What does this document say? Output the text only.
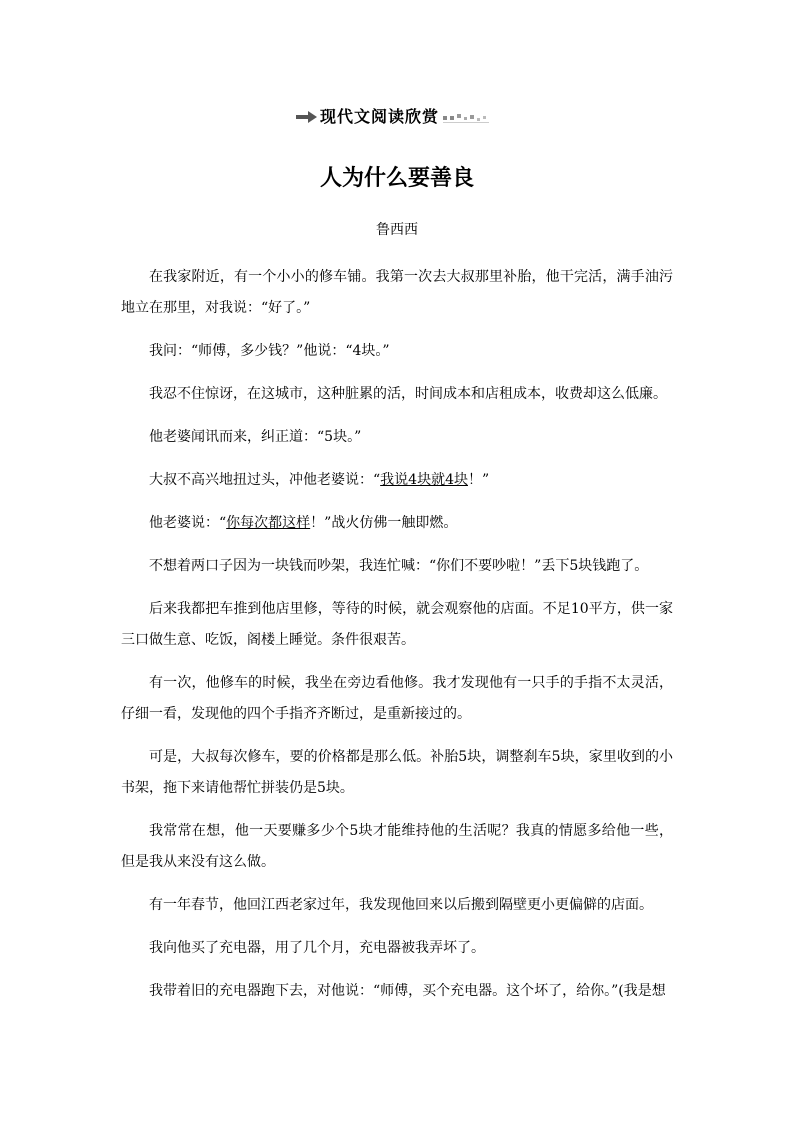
现代文阅读欣赏
人为什么要善良
鲁西西

在我家附近，有一个小小的修车铺。我第一次去大叔那里补胎，他干完活，满手油污地立在那里，对我说：“好了。”

我问：“师傅，多少钱？”他说：“4块。”

我忍不住惊讶，在这城市，这种脏累的活，时间成本和店租成本，收费却这么低廉。

他老婆闻讯而来，纠正道：“5块。”

大叔不高兴地扭过头，冲他老婆说：“我说4块就4块！”

他老婆说：“你每次都这样！”战火仿佛一触即燃。

不想着两口子因为一块钱而吵架，我连忙喊：“你们不要吵啦！”丢下5块钱跑了。

后来我都把车推到他店里修，等待的时候，就会观察他的店面。不足10平方，供一家三口做生意、吃饭，阁楼上睡觉。条件很艰苦。

有一次，他修车的时候，我坐在旁边看他修。我才发现他有一只手的手指不太灵活，仔细一看，发现他的四个手指齐齐断过，是重新接过的。

可是，大叔每次修车，要的价格都是那么低。补胎5块，调整刹车5块，家里收到的小书架，拖下来请他帮忙拼装仍是5块。

我常常在想，他一天要赚多少个5块才能维持他的生活呢？我真的情愿多给他一些，但是我从来没有这么做。

有一年春节，他回江西老家过年，我发现他回来以后搬到隔壁更小更偏僻的店面。

我向他买了充电器，用了几个月，充电器被我弄坏了。

我带着旧的充电器跑下去，对他说：“师傅，买个充电器。这个坏了，给你。”(我是想
